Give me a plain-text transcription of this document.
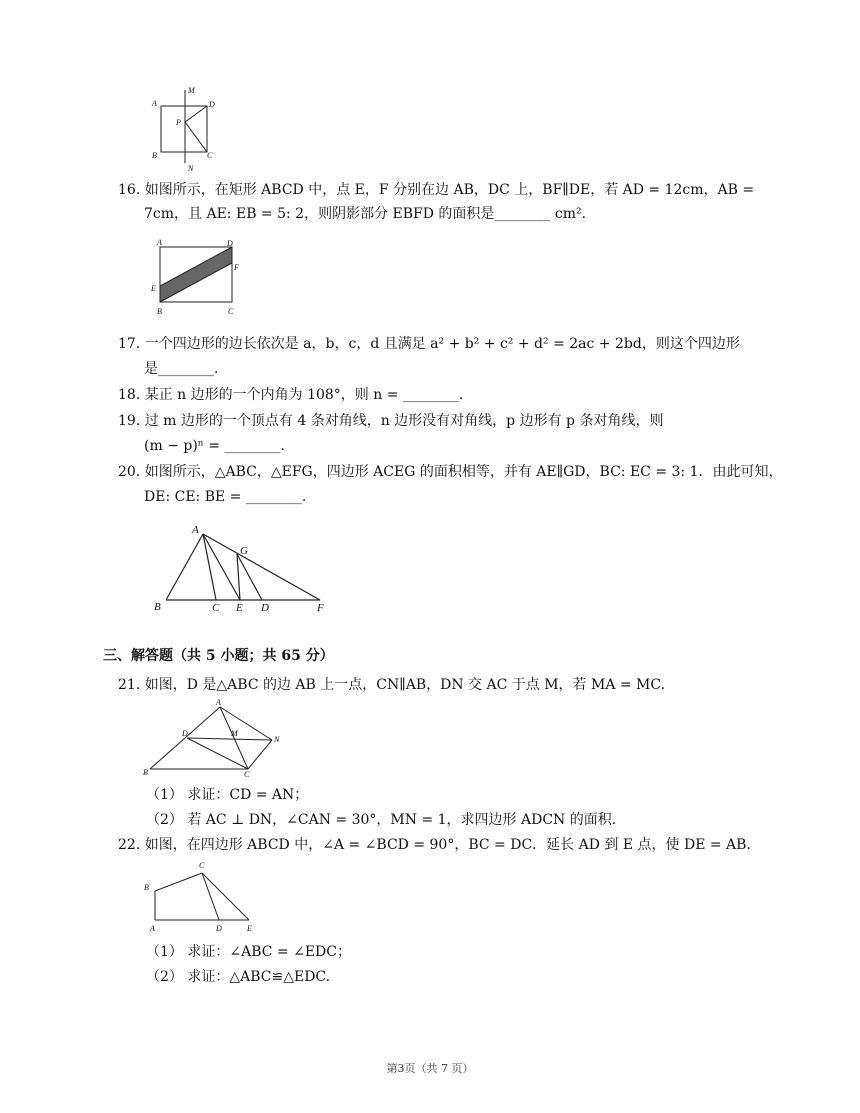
M
A	D
P
B	C
N
16. 如图所示，在矩形 ABCD 中，点 E，F 分别在边 AB，DC 上，BF∥DE，若 AD = 12cm，AB =
7cm，且 AE: EB = 5: 2，则阴影部分 EBFD 的面积是________ cm².
A	D
F
E
B	C
17. 一个四边形的边长依次是 a，b，c，d 且满足 a² + b² + c² + d² = 2ac + 2bd，则这个四边形
是________.
18. 某正 n 边形的一个内角为 108°，则 n = ________.
19. 过 m 边形的一个顶点有 4 条对角线，n 边形没有对角线，p 边形有 p 条对角线，则
(m − p)ⁿ = ________.
20. 如图所示，△ABC，△EFG，四边形 ACEG 的面积相等，并有 AE∥GD，BC: EC = 3: 1．由此可知，
DE: CE: BE = ________.
A
G
B	C E D	F
三、解答题（共 5 小题；共 65 分）
21. 如图，D 是△ABC 的边 AB 上一点，CN∥AB，DN 交 AC 于点 M，若 MA = MC.
A
D	M
N
B	C
（1） 求证：CD = AN；
（2） 若 AC ⊥ DN，∠CAN = 30°，MN = 1，求四边形 ADCN 的面积.
22. 如图，在四边形 ABCD 中，∠A = ∠BCD = 90°，BC = DC．延长 AD 到 E 点，使 DE = AB.
C
B
A	D	E
（1） 求证：∠ABC = ∠EDC；
（2） 求证：△ABC≌△EDC.
第3页（共 7 页）
